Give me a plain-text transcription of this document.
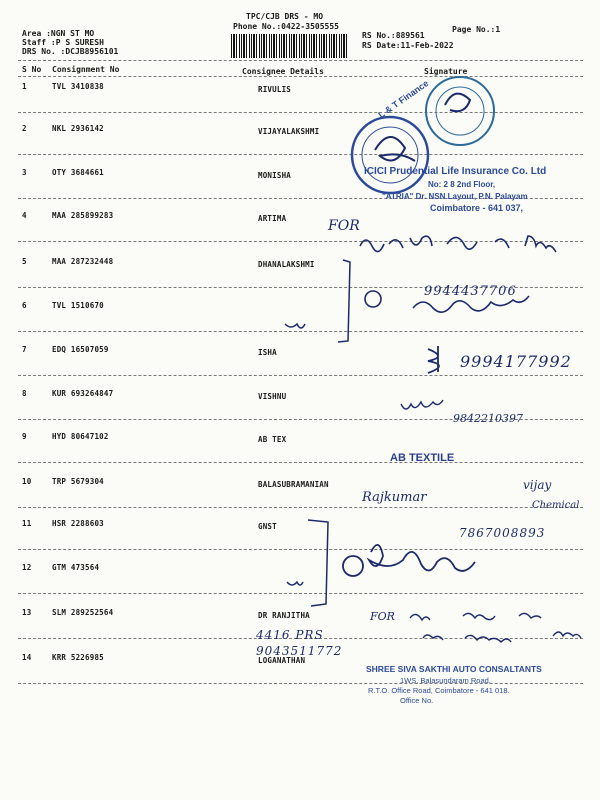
TPC/CJB DRS - MO
Phone No.:0422-3505555
Area :NGN ST MO
Staff :P S SURESH
DRS No. :DCJB8956101
RS No.:889561
RS Date:11-Feb-2022
Page No.:1
S No Consignment No	Consignee Details	Signature
1	TVL 3410838	RIVULIS
2	NKL 2936142	VIJAYALAKSHMI
3	OTY 3684661	MONISHA
4	MAA 285899283	ARTIMA
5	MAA 287232448	DHANALAKSHMI
6	TVL 1510670
7	EDQ 16507059	ISHA
8	KUR 693264847	VISHNU
9	HYD 80647102	AB TEX
10	TRP 5679304	BALASUBRAMANIAN
11	HSR 2288603	GNST
12	GTM 473564
13	SLM 289252564	DR RANJITHA
14	KRR 5226985	LOGANATHAN
L & T Finance
ICICI Prudential Life Insurance Co. Ltd
No: 2 8 2nd Floor,
"ATRIA" Dr. NSN Layout, P.N. Palayam
Coimbatore - 641 037,
AB TEXTILE
SHREE SIVA SAKTHI AUTO CONSALTANTS
1WS, Balasundaram Road,
R.T.O. Office Road, Coimbatore - 641 018.
Office No.
FOR
9944437706
9994177992
9842210397
Rajkumar
vijay
Chemical
7867008893
FOR
4416 PRS
9043511772
